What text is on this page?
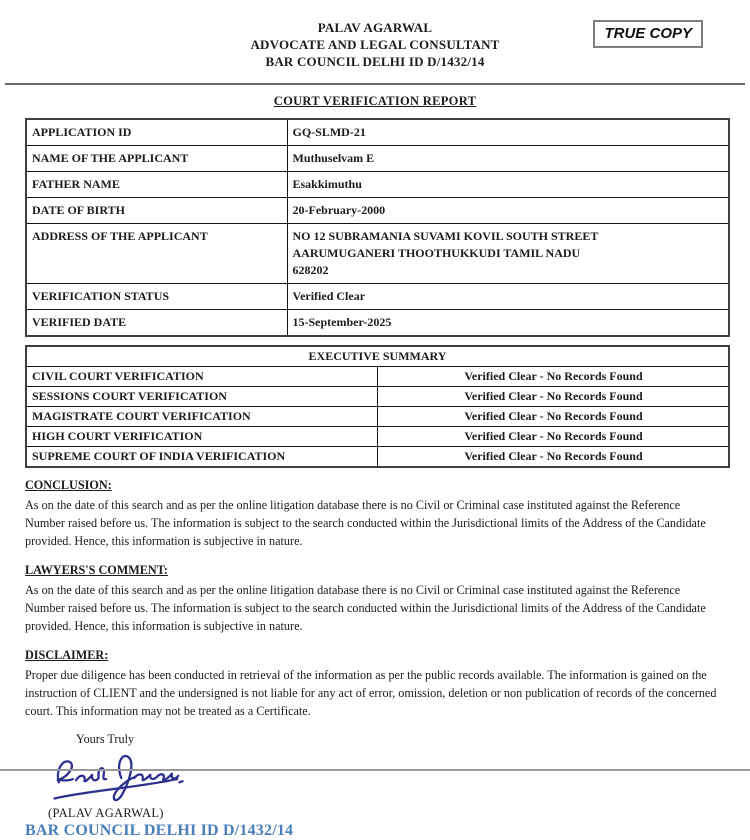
PALAV AGARWAL
ADVOCATE AND LEGAL CONSULTANT
BAR COUNCIL DELHI ID D/1432/14
TRUE COPY
COURT VERIFICATION REPORT
APPLICATION ID	GQ-SLMD-21
NAME OF THE APPLICANT	Muthuselvam E
FATHER NAME	Esakkimuthu
DATE OF BIRTH	20-February-2000
ADDRESS OF THE APPLICANT	NO 12 SUBRAMANIA SUVAMI KOVIL SOUTH STREET AARUMUGANERI THOOTHUKKUDI TAMIL NADU 628202
VERIFICATION STATUS	Verified Clear
VERIFIED DATE	15-September-2025
EXECUTIVE SUMMARY	
CIVIL COURT VERIFICATION	Verified Clear - No Records Found
SESSIONS COURT VERIFICATION	Verified Clear - No Records Found
MAGISTRATE COURT VERIFICATION	Verified Clear - No Records Found
HIGH COURT VERIFICATION	Verified Clear - No Records Found
SUPREME COURT OF INDIA VERIFICATION	Verified Clear - No Records Found
CONCLUSION:
As on the date of this search and as per the online litigation database there is no Civil or Criminal case instituted against the Reference Number raised before us. The information is subject to the search conducted within the Jurisdictional limits of the Address of the Candidate provided. Hence, this information is subjective in nature.
LAWYERS'S COMMENT:
As on the date of this search and as per the online litigation database there is no Civil or Criminal case instituted against the Reference Number raised before us. The information is subject to the search conducted within the Jurisdictional limits of the Address of the Candidate provided. Hence, this information is subjective in nature.
DISCLAIMER:
Proper due diligence has been conducted in retrieval of the information as per the public records available. The information is gained on the instruction of CLIENT and the undersigned is not liable for any act of error, omission, deletion or non publication of records of the concerned court. This information may not be treated as a Certificate.
Yours Truly
(PALAV AGARWAL)
BAR COUNCIL DELHI ID D/1432/14
